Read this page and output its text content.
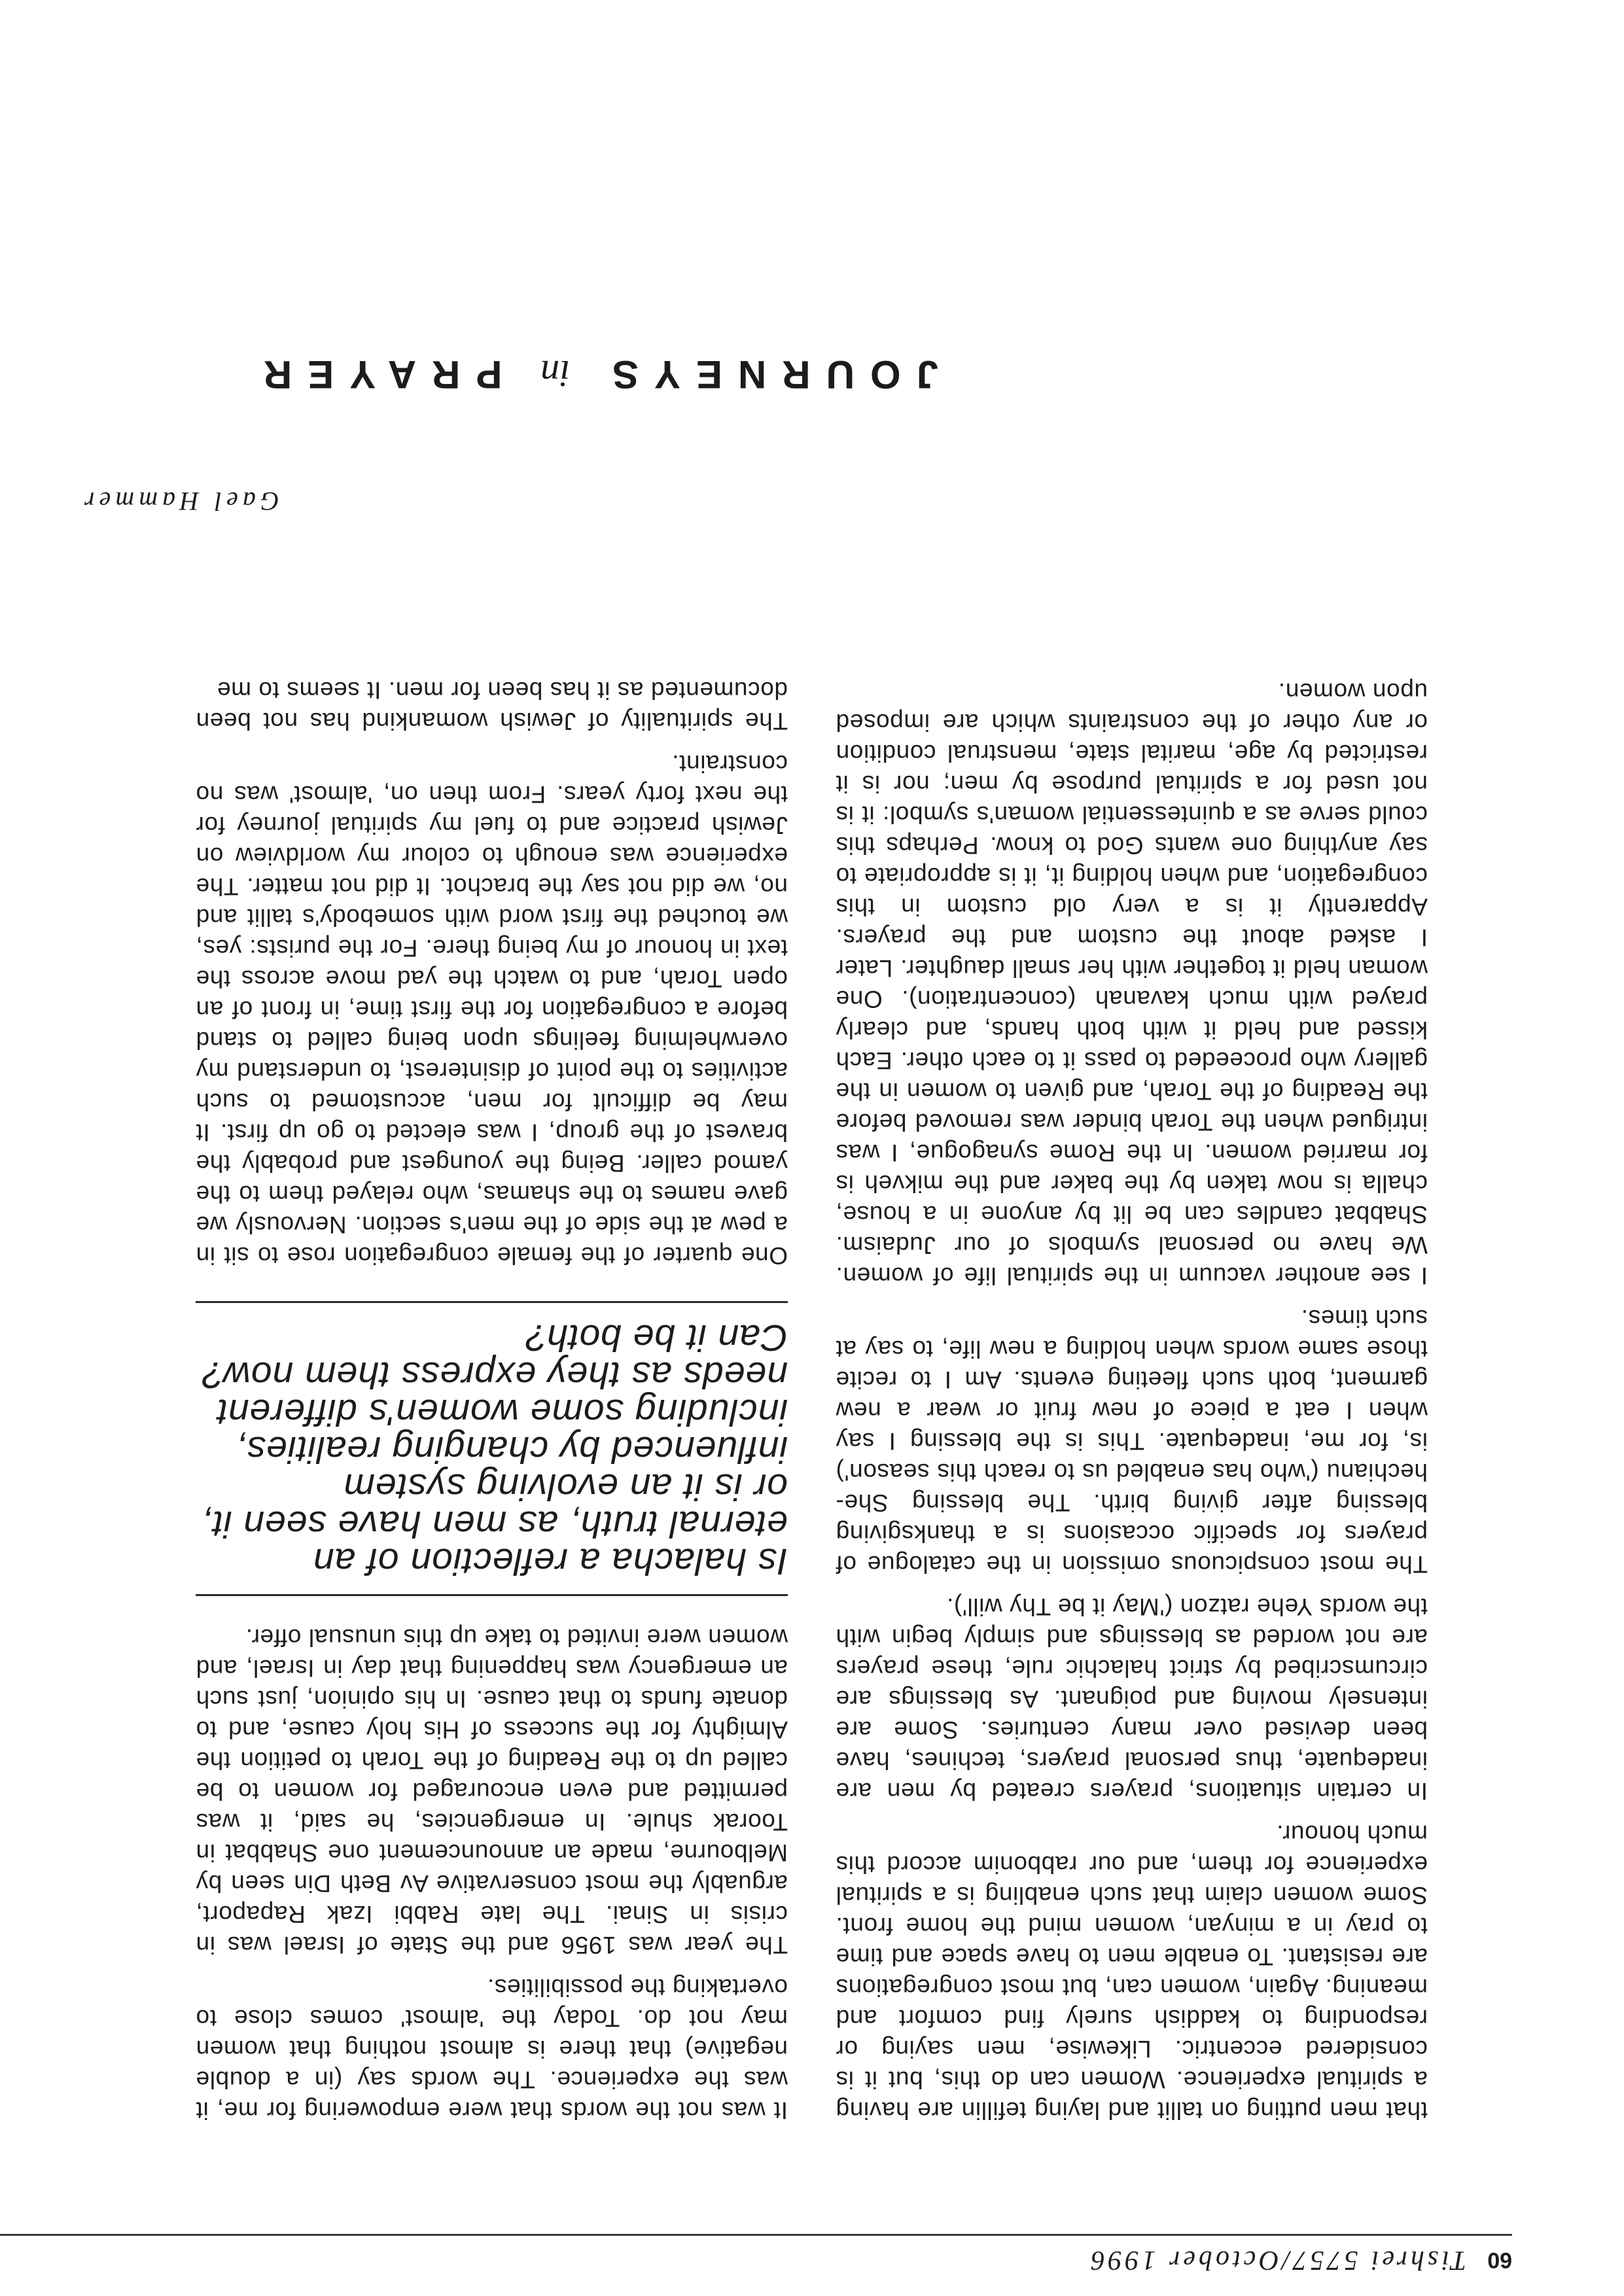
60
Tishrei 5757/October 1996

that men putting on tallit and laying tefillin are having a spiritual experience. Women can do this, but it is considered eccentric. Likewise, men saying or responding to kaddish surely find comfort and meaning. Again, women can, but most congregations are resistant. To enable men to have space and time to pray in a minyan, women mind the home front. Some women claim that such enabling is a spiritual experience for them, and our rabbonim accord this much honour.

In certain situations, prayers created by men are inadequate, thus personal prayers, techines, have been devised over many centuries. Some are intensely moving and poignant. As blessings are circumscribed by strict halachic rule, these prayers are not worded as blessings and simply begin with the words Yehe ratzon ('May it be Thy will').

The most conspicuous omission in the catalogue of prayers for specific occasions is a thanksgiving blessing after giving birth. The blessing She-hechianu ('who has enabled us to reach this season') is, for me, inadequate. This is the blessing I say when I eat a piece of new fruit or wear a new garment, both such fleeting events. Am I to recite those same words when holding a new life, to say at such times.

I see another vacuum in the spiritual life of women. We have no personal symbols of our Judaism. Shabbat candles can be lit by anyone in a house, challa is now taken by the baker and the mikveh is for married women. In the Rome synagogue, I was intrigued when the Torah binder was removed before the Reading of the Torah, and given to women in the gallery who proceeded to pass it to each other. Each kissed and held it with both hands, and clearly prayed with much kavanah (concentration). One woman held it together with her small daughter. Later I asked about the custom and the prayers. Apparently it is a very old custom in this congregation, and when holding it, it is appropriate to say anything one wants God to know. Perhaps this could serve as a quintessential woman's symbol: it is not used for a spiritual purpose by men; nor is it restricted by age, marital state, menstrual condition or any other of the constraints which are imposed upon women.

It was not the words that were empowering for me, it was the experience. The words say (in a double negative) that there is almost nothing that women may not do. Today the 'almost' comes close to overtaking the possibilities.

The year was 1956 and the State of Israel was in crisis in Sinai. The late Rabbi Izak Rapaport, arguably the most conservative Av Beth Din seen by Melbourne, made an announcement one Shabbat in Toorak shule. In emergencies, he said, it was permitted and even encouraged for women to be called up to the Reading of the Torah to petition the Almighty for the success of His holy cause, and to donate funds to that cause. In his opinion, just such an emergency was happening that day in Israel, and women were invited to take up this unusual offer.

Is halacha a reflection of an eternal truth, as men have seen it, or is it an evolving system influenced by changing realities, including some women's different needs as they express them now? Can it be both?

One quarter of the female congregation rose to sit in a pew at the side of the men's section. Nervously we gave names to the shamas, who relayed them to the yamod caller. Being the youngest and probably the bravest of the group, I was elected to go up first. It may be difficult for men, accustomed to such activities to the point of disinterest, to understand my overwhelming feelings upon being called to stand before a congregation for the first time, in front of an open Torah, and to watch the yad move across the text in honour of my being there. For the purists: yes, we touched the first word with somebody's tallit and no, we did not say the brachot. It did not matter. The experience was enough to colour my worldview on Jewish practice and to fuel my spiritual journey for the next forty years. From then on, 'almost' was no constraint.

The spirituality of Jewish womankind has not been documented as it has been for men. It seems to me

Gael Hammer
JOURNEYS in PRAYER
